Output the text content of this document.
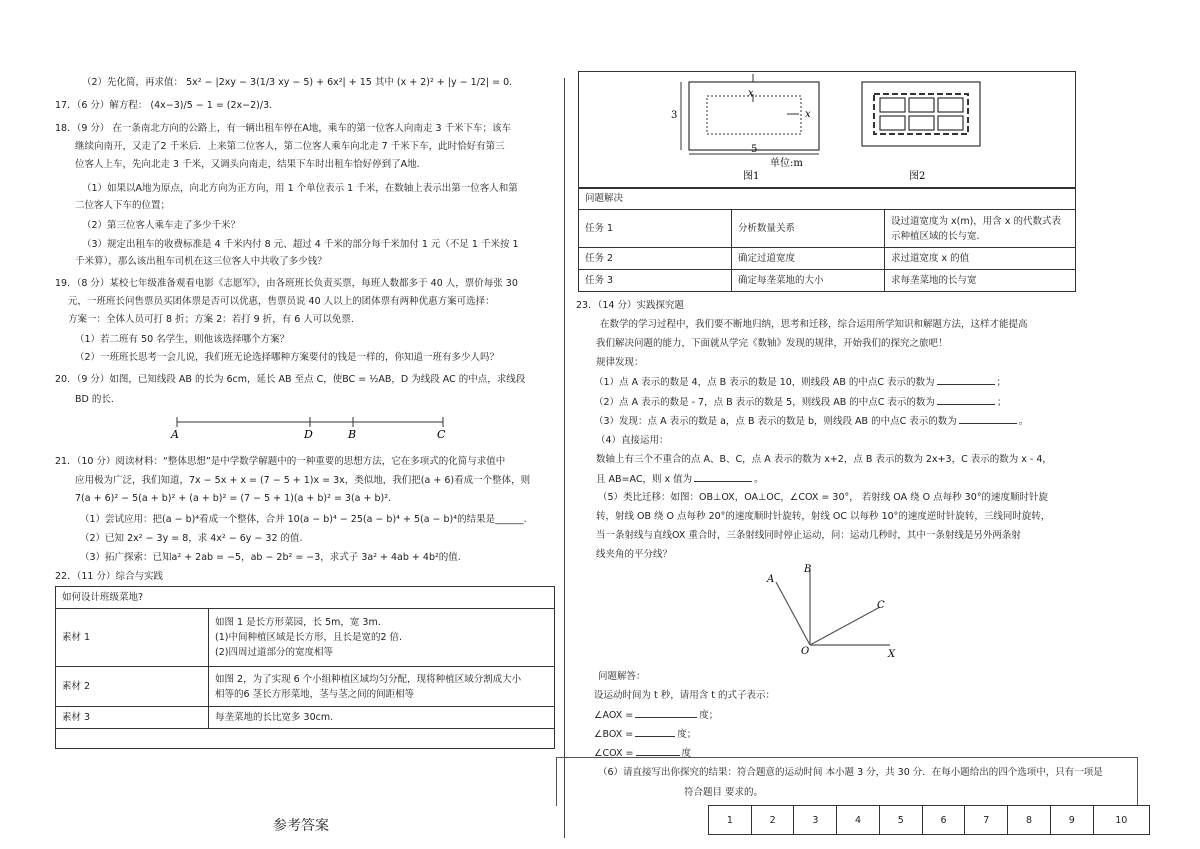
（2）先化简，再求值： 5x² − |2xy − 3(1/3 xy − 5) + 6x²| + 15 其中 (x + 2)² + |y − 1/2| = 0.
17．（6 分）解方程： (4x−3)/5 − 1 = (2x−2)/3.
18．（9 分） 在一条南北方向的公路上，有一辆出租车停在A地，乘车的第一位客人向南走 3 千米下车；该车
继续向南开，又走了2 千米后．上来第二位客人，第二位客人乘车向北走 7 千米下车，此时恰好有第三
位客人上车，先向北走 3 千米，又调头向南走，结果下车时出租车恰好停到了A地.
（1）如果以A地为原点，向北方向为正方向，用 1 个单位表示 1 千米，在数轴上表示出第一位客人和第
二位客人下车的位置；
（2）第三位客人乘车走了多少千米？
（3）规定出租车的收费标准是 4 千米内付 8 元、超过 4 千米的部分每千米加付 1 元（不足 1 千米按 1
千米算），那么该出租车司机在这三位客人中共收了多少钱？
19．（8 分）某校七年级准备观看电影《志愿军》，由各班班长负责买票，每班人数都多于 40 人，票价每张 30
元，一班班长问售票员买团体票是否可以优惠，售票员说 40 人以上的团体票有两种优惠方案可选择：
方案一：全体人员可打 8 折；方案 2：若打 9 折，有 6 人可以免票.
（1）若二班有 50 名学生，则他该选择哪个方案？
（2）一班班长思考一会儿说，我们班无论选择哪种方案要付的钱是一样的，你知道一班有多少人吗？
20．（9 分）如图，已知线段 AB 的长为 6cm，延长 AB 至点 C，使BC = ½AB，D 为线段 AC 的中点，求线段
BD 的长.
A	D	B	C
21．（10 分）阅读材料：“整体思想”是中学数学解题中的一种重要的思想方法，它在多项式的化简与求值中
应用极为广泛，我们知道，7x − 5x + x = (7 − 5 + 1)x = 3x，类似地，我们把(a + 6)看成一个整体，则
7(a + 6)² − 5(a + b)² + (a + b)² = (7 − 5 + 1)(a + b)² = 3(a + b)².
（1）尝试应用：把(a − b)⁴看成一个整体，合并 10(a − b)⁴ − 25(a − b)⁴ + 5(a − b)⁴的结果是______.
（2）已知 2x² − 3y = 8，求 4x² − 6y − 32 的值.
（3）拓广探索：已知a² + 2ab = −5，ab − 2b² = −3，求式子 3a² + 4ab + 4b²的值.
22．（11 分）综合与实践
如何设计班级菜地?	
素材 1	如图 1 是长方形菜园，长 5m，宽 3m.
(1)中间种植区域是长方形，且长是宽的2 倍.
(2)四周过道部分的宽度相等

素材 2	如图 2，为了实现 6 个小组种植区域均匀分配，现将种植区域分割成大小
相等的6 茎长方形菜地，茎与茎之间的间距相等

素材 3	每垄菜地的长比宽多 30cm.

参考答案
x
x
3
5
单位:m
图1	图2
问题解决		
任务 1	分析数量关系	设过道宽度为 x(m)，用含 x 的代数式表示种植区域的长与宽.
任务 2	确定过道宽度	求过道宽度 x 的值
任务 3	确定每垄菜地的大小	求每垄菜地的长与宽
23．（14 分）实践探究题
在数学的学习过程中，我们要不断地归纳，思考和迁移，综合运用所学知识和解题方法，这样才能提高
我们解决问题的能力，下面就从学完《数轴》发现的规律，开始我们的探究之旅吧！
规律发现：
（1）点 A 表示的数是 4，点 B 表示的数是 10，则线段 AB 的中点C 表示的数为	；
（2）点 A 表示的数是 - 7，点 B 表示的数是 5，则线段 AB 的中点C 表示的数为	；
（3）发现：点 A 表示的数是 a，点 B 表示的数是 b，则线段 AB 的中点C 表示的数为	。
（4）直接运用：
数轴上有三个不重合的点 A、B、C，点 A 表示的数为 x+2，点 B 表示的数为 2x+3，C 表示的数为 x - 4，
且 AB=AC，则 x 值为	。
（5）类比迁移：如图：OB⊥OX，OA⊥OC，∠COX = 30°， 若射线 OA 绕 O 点每秒 30°的速度顺时针旋
转，射线 OB 绕 O 点每秒 20°的速度顺时针旋转，射线 OC 以每秒 10°的速度逆时针旋转，三线同时旋转，
当一条射线与直线OX 重合时，三条射线同时停止运动，问：运动几秒时，其中一条射线是另外两条射
线夹角的平分线？
A
B
C
O	X
问题解答：
设运动时间为 t 秒，请用含 t 的式子表示：
∠AOX =	度；
∠BOX =	度；
∠COX =	度
（6）请直接写出你探究的结果：符合题意的运动时间 本小题 3 分，共 30 分．在每小题给出的四个选项中，只有一项是
符合题目 要求的。
1	2	3	4	5	6	7	8	9	10
